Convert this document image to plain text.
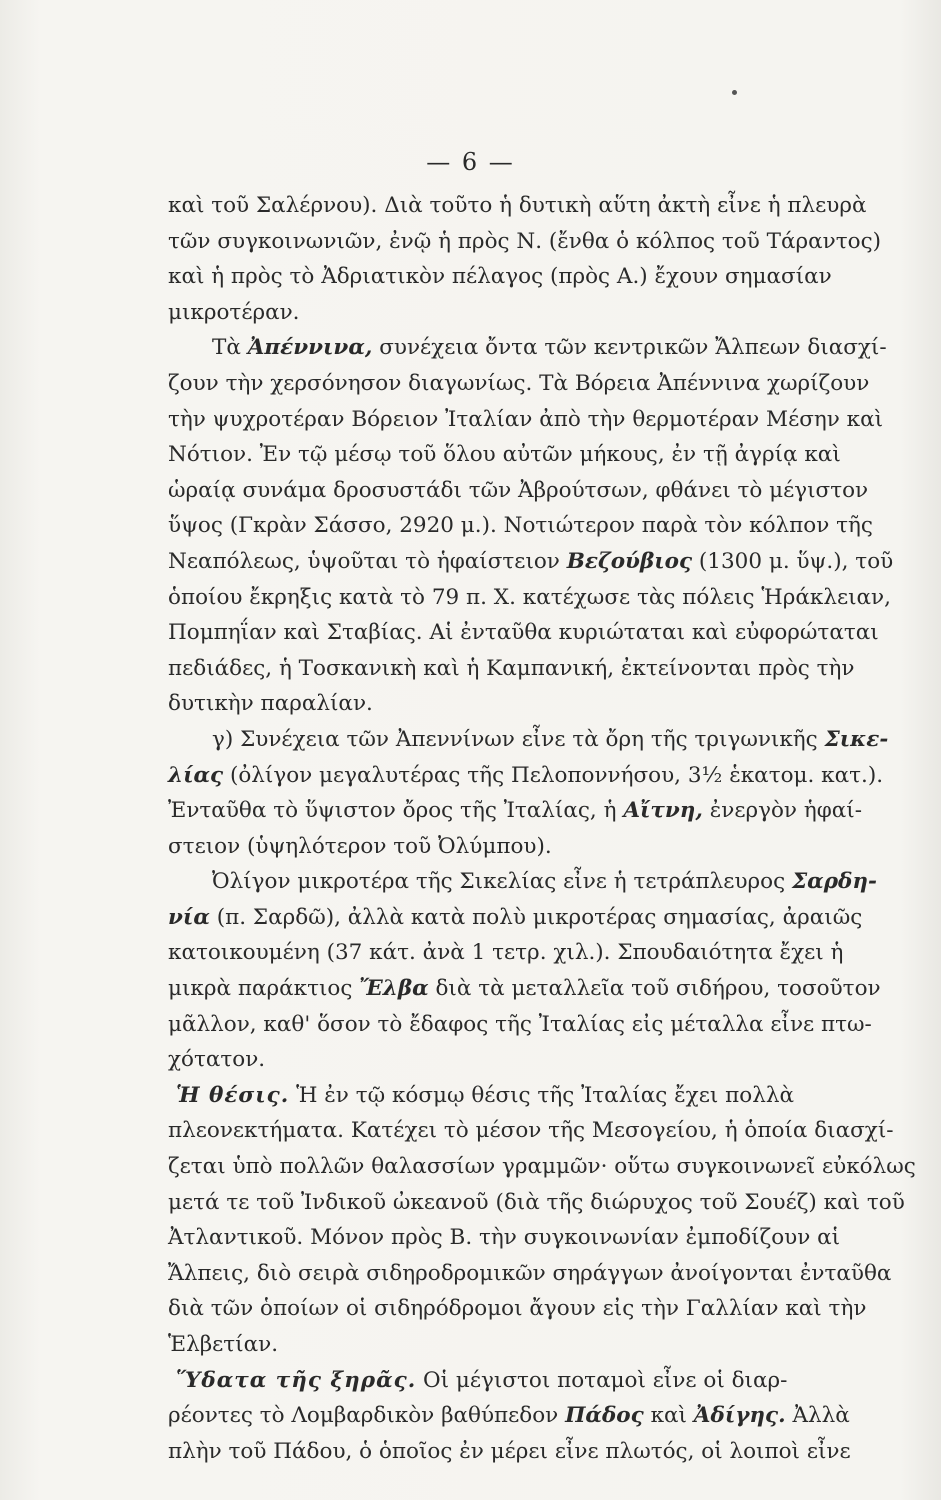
— 6 —
καὶ τοῦ Σαλέρνου). Διὰ τοῦτο ἡ δυτικὴ αὕτη ἀκτὴ εἶνε ἡ πλευρὰ
τῶν συγκοινωνιῶν, ἐνῷ ἡ πρὸς Ν. (ἔνθα ὁ κόλπος τοῦ Τάραντος)
καὶ ἡ πρὸς τὸ Ἀδριατικὸν πέλαγος (πρὸς Α.) ἔχουν σημασίαν
μικροτέραν.
Τὰ Ἀπέννινα, συνέχεια ὄντα τῶν κεντρικῶν Ἄλπεων διασχί-
ζουν τὴν χερσόνησον διαγωνίως. Τὰ Βόρεια Ἀπέννινα χωρίζουν
τὴν ψυχροτέραν Βόρειον Ἰταλίαν ἀπὸ τὴν θερμοτέραν Μέσην καὶ
Νότιον. Ἐν τῷ μέσῳ τοῦ ὅλου αὐτῶν μήκους, ἐν τῇ ἀγρίᾳ καὶ
ὡραίᾳ συνάμα δροσυστάδι τῶν Ἀβρούτσων, φθάνει τὸ μέγιστον
ὕψος (Γκρὰν Σάσσο, 2920 μ.). Νοτιώτερον παρὰ τὸν κόλπον τῆς
Νεαπόλεως, ὑψοῦται τὸ ἡφαίστειον Βεζούβιος (1300 μ. ὕψ.), τοῦ
ὁποίου ἔκρηξις κατὰ τὸ 79 π. Χ. κατέχωσε τὰς πόλεις Ἡράκλειαν,
Πομπηΐαν καὶ Σταβίας. Αἱ ἐνταῦθα κυριώταται καὶ εὐφορώταται
πεδιάδες, ἡ Τοσκανικὴ καὶ ἡ Καμπανική, ἐκτείνονται πρὸς τὴν
δυτικὴν παραλίαν.
γ) Συνέχεια τῶν Ἀπεννίνων εἶνε τὰ ὄρη τῆς τριγωνικῆς Σικε-
λίας (ὀλίγον μεγαλυτέρας τῆς Πελοποννήσου, 3½ ἑκατομ. κατ.).
Ἐνταῦθα τὸ ὕψιστον ὄρος τῆς Ἰταλίας, ἡ Αἴτνη, ἐνεργὸν ἡφαί-
στειον (ὑψηλότερον τοῦ Ὀλύμπου).
Ὀλίγον μικροτέρα τῆς Σικελίας εἶνε ἡ τετράπλευρος Σαρδη-
νία (π. Σαρδῶ), ἀλλὰ κατὰ πολὺ μικροτέρας σημασίας, ἀραιῶς
κατοικουμένη (37 κάτ. ἀνὰ 1 τετρ. χιλ.). Σπουδαιότητα ἔχει ἡ
μικρὰ παράκτιος Ἔλβα διὰ τὰ μεταλλεῖα τοῦ σιδήρου, τοσοῦτον
μᾶλλον, καθ' ὅσον τὸ ἔδαφος τῆς Ἰταλίας εἰς μέταλλα εἶνε πτω-
χότατον.
Ἡ θέσις. Ἡ ἐν τῷ κόσμῳ θέσις τῆς Ἰταλίας ἔχει πολλὰ
πλεονεκτήματα. Κατέχει τὸ μέσον τῆς Μεσογείου, ἡ ὁποία διασχί-
ζεται ὑπὸ πολλῶν θαλασσίων γραμμῶν· οὕτω συγκοινωνεῖ εὐκόλως
μετά τε τοῦ Ἰνδικοῦ ὠκεανοῦ (διὰ τῆς διώρυχος τοῦ Σουέζ) καὶ τοῦ
Ἀτλαντικοῦ. Μόνον πρὸς Β. τὴν συγκοινωνίαν ἐμποδίζουν αἱ
Ἄλπεις, διὸ σειρὰ σιδηροδρομικῶν σηράγγων ἀνοίγονται ἐνταῦθα
διὰ τῶν ὁποίων οἱ σιδηρόδρομοι ἄγουν εἰς τὴν Γαλλίαν καὶ τὴν
Ἑλβετίαν.
Ὕδατα τῆς ξηρᾶς. Οἱ μέγιστοι ποταμοὶ εἶνε οἱ διαρ-
ρέοντες τὸ Λομβαρδικὸν βαθύπεδον Πάδος καὶ Ἀδίγης. Ἀλλὰ
πλὴν τοῦ Πάδου, ὁ ὁποῖος ἐν μέρει εἶνε πλωτός, οἱ λοιποὶ εἶνε
